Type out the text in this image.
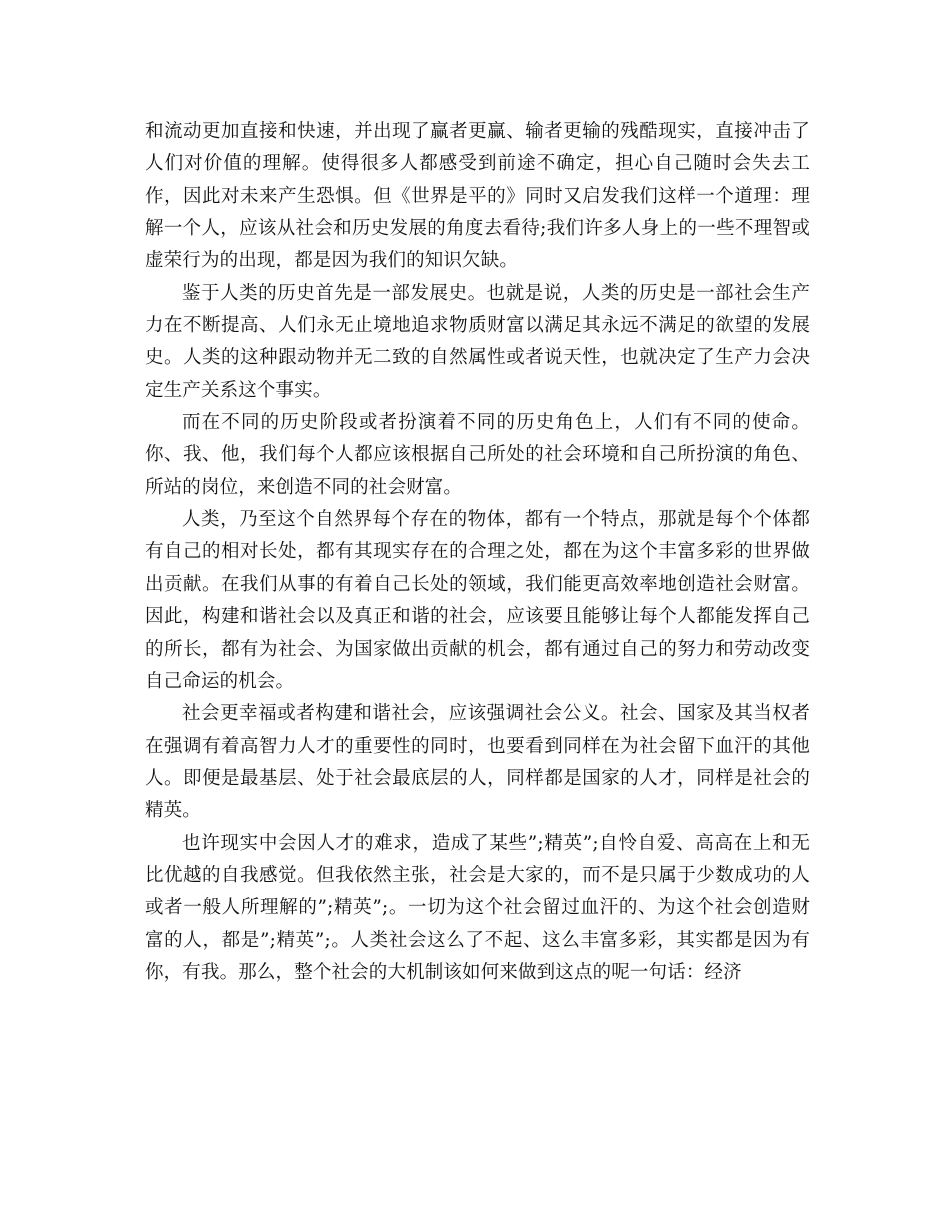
和流动更加直接和快速，并出现了赢者更赢、输者更输的残酷现实，直接冲击了人们对价值的理解。使得很多人都感受到前途不确定，担心自己随时会失去工作，因此对未来产生恐惧。但《世界是平的》同时又启发我们这样一个道理：理解一个人，应该从社会和历史发展的角度去看待;我们许多人身上的一些不理智或虚荣行为的出现，都是因为我们的知识欠缺。

鉴于人类的历史首先是一部发展史。也就是说，人类的历史是一部社会生产力在不断提高、人们永无止境地追求物质财富以满足其永远不满足的欲望的发展史。人类的这种跟动物并无二致的自然属性或者说天性，也就决定了生产力会决定生产关系这个事实。

而在不同的历史阶段或者扮演着不同的历史角色上，人们有不同的使命。你、我、他，我们每个人都应该根据自己所处的社会环境和自己所扮演的角色、所站的岗位，来创造不同的社会财富。

人类，乃至这个自然界每个存在的物体，都有一个特点，那就是每个个体都有自己的相对长处，都有其现实存在的合理之处，都在为这个丰富多彩的世界做出贡献。在我们从事的有着自己长处的领域，我们能更高效率地创造社会财富。因此，构建和谐社会以及真正和谐的社会，应该要且能够让每个人都能发挥自己的所长，都有为社会、为国家做出贡献的机会，都有通过自己的努力和劳动改变自己命运的机会。

社会更幸福或者构建和谐社会，应该强调社会公义。社会、国家及其当权者在强调有着高智力人才的重要性的同时，也要看到同样在为社会留下血汗的其他人。即便是最基层、处于社会最底层的人，同样都是国家的人才，同样是社会的精英。

也许现实中会因人才的难求，造成了某些”;精英”;自怜自爱、高高在上和无比优越的自我感觉。但我依然主张，社会是大家的，而不是只属于少数成功的人或者一般人所理解的”;精英”;。一切为这个社会留过血汗的、为这个社会创造财富的人，都是”;精英”;。人类社会这么了不起、这么丰富多彩，其实都是因为有你，有我。那么，整个社会的大机制该如何来做到这点的呢一句话：经济
